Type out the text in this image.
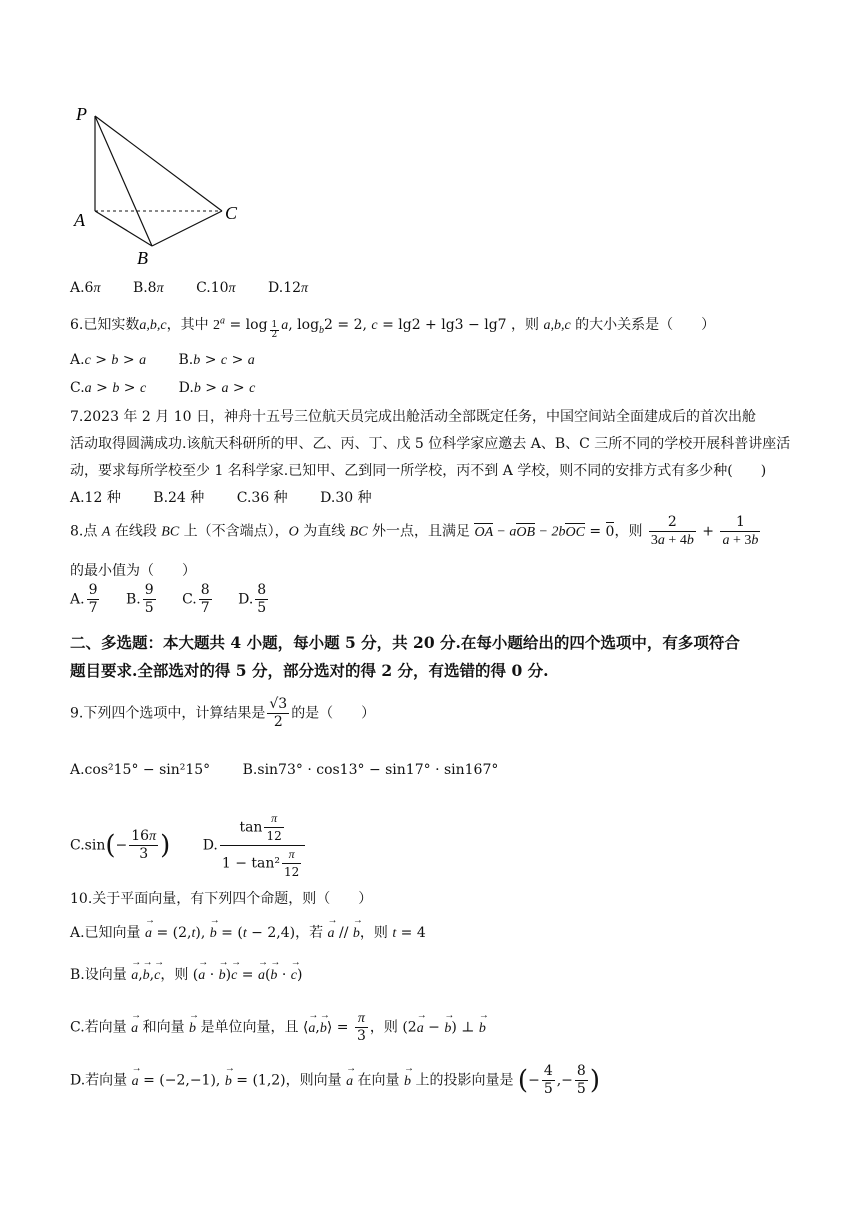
P
A
B
C
A.6π B.8π C.10π D.12π
6.已知实数a,b,c，其中 $2^a = \log _{\frac{1}{2}}$ a, $\log_b2 = 2$, c = lg2 + lg3 − lg7 ，则 a,b,c 的大小关系是（　　）
A.c > b > a B.b > c > a
C.a > b > c D.b > a > c
7.2023 年 2 月 10 日，神舟十五号三位航天员完成出舱活动全部既定任务，中国空间站全面建成后的首次出舱
活动取得圆满成功.该航天科研所的甲、乙、丙、丁、戊 5 位科学家应邀去 A、B、C 三所不同的学校开展科普讲座活
动，要求每所学校至少 1 名科学家.已知甲、乙到同一所学校，丙不到 A 学校，则不同的安排方式有多少种(　　)
A.12 种 B.24 种 C.36 种 D.30 种
8.点 A 在线段 BC 上（不含端点），O 为直线 BC 外一点，且满足 OA − aOB − 2bOC = 0，则 $\frac{2}{3a + 4b} + \frac{1}{a + 3b}$
的最小值为（　　）
A. $\frac{9}{7} B$. $\frac{9}{5} C$. $\frac{8}{7} D$. $\frac{8}{5}$
二、多选题：本大题共 4 小题，每小题 5 分，共 20 分.在每小题给出的四个选项中，有多项符合
题目要求.全部选对的得 5 分，部分选对的得 2 分，有选错的得 0 分.
9.下列四个选项中，计算结果是 $\frac{√3}{2}$ 的是（　　）
A.cos²15° − sin²15° B.sin73° · cos13° − sin17° · sin167°
$C.\sin(- \frac{16\pi}{3}$ ) D. $\frac{\tan \frac{\pi}{12}}{1 - \tan^2 \frac{\pi}{12}}$
10.关于平面向量，有下列四个命题，则（　　）
A.已知向量 → a = (2,t), → b = (t − 2,4)，若 → a // → b，则 t = 4
B.设向量 → a,→ b,→ c，则 (→ a · → b)→ c = → a(→ b · → c)
C.若向量 → a 和向量 → b 是单位向量，且 ⟨→ a,→ b⟩ = $\frac{\pi}{3}$ ，则 (2→ a − → b) ⊥ → b
D.若向量 → a = (−2,−1), → b = (1,2)，则向量 → a 在向量 → b 上的投影向量是 (− $\frac{4}{5}$ ,− $\frac{8}{5}$ )
